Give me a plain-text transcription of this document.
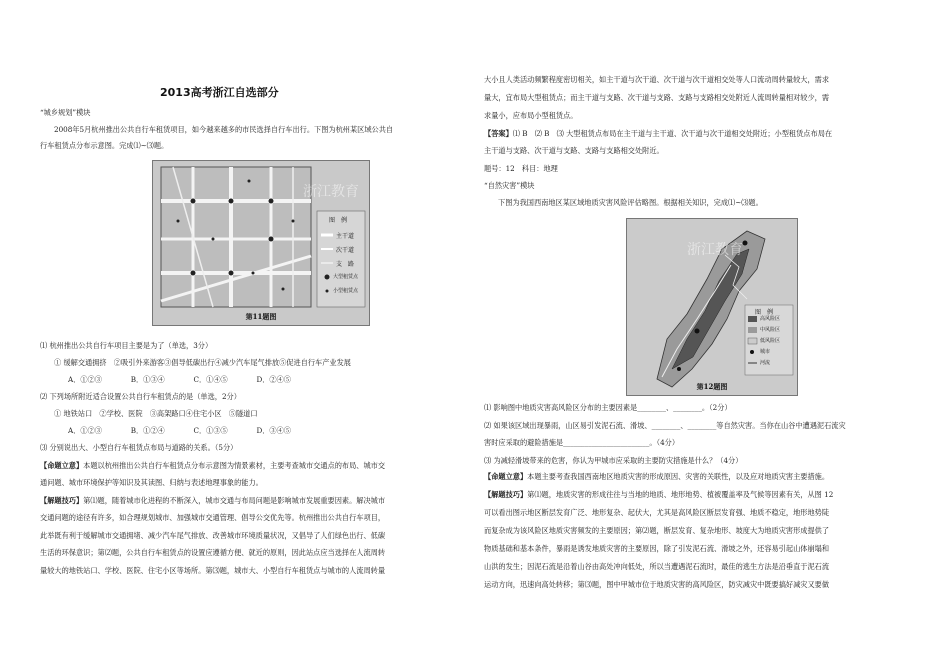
2013高考浙江自选部分
“城乡规划”模块
2008年5月杭州推出公共自行车租赁项目，如今越来越多的市民选择自行车出行。下图为杭州某区域公共自
行车租赁点分布示意图。完成⑴~⑶题。
图　例
主干道
次干道
支　路
大型租赁点
小型租赁点
浙江教育
第11题图
⑴ 杭州推出公共自行车项目主要是为了（单选，3分）
① 缓解交通拥挤　②吸引外来游客③倡导低碳出行④减少汽车尾气排放⑤促进自行车产业发展
A．①②③　　　　B．①③④　　　　C．①④⑤　　　　D．②④⑤
⑵ 下列场所附近适合设置公共自行车租赁点的是（单选，2分）
① 地铁站口　②学校、医院　③高架路口④住宅小区　⑤隧道口
A．①②③　　　　B．①②④　　　　C．①③⑤　　　　D．③④⑤
⑶ 分别说出大、小型自行车租赁点布局与道路的关系。（5分）
【命题立意】本题以杭州推出公共自行车租赁点分布示意图为情景素材，主要考查城市交通点的布局、城市交
通问题、城市环境保护等知识及其读图、归纳与表述地理事象的能力。
【解题技巧】第⑴题，随着城市化进程的不断深入，城市交通与布局问题是影响城市发展重要因素。解决城市
交通问题的途径有许多，如合理规划城市、加强城市交通管理、倡导公交优先等。杭州推出公共自行车项目，
此举既有利于缓解城市交通拥堵、减少汽车尾气排放、改善城市环境质量状况，又倡导了人们绿色出行、低碳
生活的环保意识；第⑵题，公共自行车租赁点的设置应遵循方便、就近的原则，因此站点应当选择在人流周转
量较大的地铁站口、学校、医院、住宅小区等场所。第⑶题，城市大、小型自行车租赁点与城市的人流周转量
大小且人类活动频繁程度密切相关，如主干道与次干道、次干道与次干道相交处等人口流动周转量较大，需求
量大，宜布局大型租赁点；而主干道与支路、次干道与支路、支路与支路相交处附近人流周转量相对较少，需
求量小，应布局小型租赁点。
【答案】⑴ B　⑵ B　⑶ 大型租赁点布局在主干道与主干道、次干道与次干道相交处附近；小型租赁点布局在
主干道与支路、次干道与支路、支路与支路相交处附近。
题号：12　科目：地理
“自然灾害”模块
下图为我国西南地区某区域地质灾害风险评估略图。根据相关知识，完成⑴~⑶题。
图　例
高风险区
中风险区
低风险区
城市
河流
浙江教育
第12题图
⑴ 影响图中地质灾害高风险区分布的主要因素是________、________。（2分）
⑵ 如果该区域出现暴雨，山区易引发泥石流、滑坡、________、________等自然灾害。当你在山谷中遭遇泥石流灾
害时应采取的避险措施是________________________。（4分）
⑶ 为减轻滑坡带来的危害，你认为甲城市应采取的主要防灾措施是什么？（4分）
【命题立意】本题主要考查我国西南地区地质灾害的形成原因、灾害的关联性，以及应对地质灾害主要措施。
【解题技巧】第⑴题，地质灾害的形成往往与当地的地质、地形地势、植被覆盖率及气候等因素有关，从图 12
可以看出图示地区断层发育广泛、地形复杂、起伏大，尤其是高风险区断层发育强、地质不稳定，地形地势陡
而复杂成为该风险区地质灾害频发的主要原因；第⑵题，断层发育、复杂地形、坡度大为地质灾害形成提供了
物质基础和基本条件，暴雨是诱发地质灾害的主要原因，除了引发泥石流、滑坡之外，还容易引起山体崩塌和
山洪的发生；因泥石流是沿着山谷由高处冲向低处，所以当遭遇泥石流时，最佳的逃生方法是沿垂直于泥石流
运动方向，迅速向高处转移；第⑶题，图中甲城市位于地质灾害的高风险区，防灾减灾中既要搞好减灾又要做
